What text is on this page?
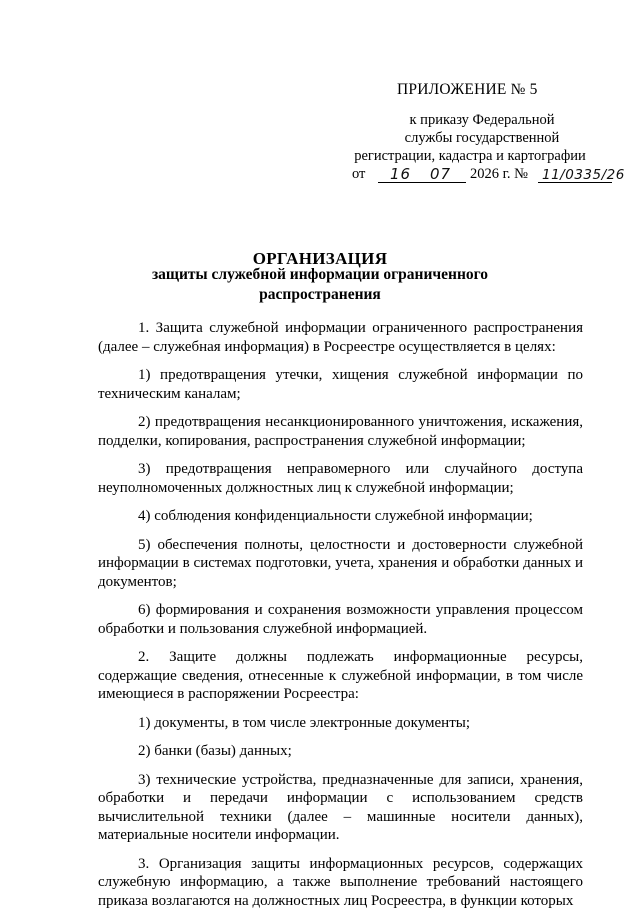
ПРИЛОЖЕНИЕ № 5
к приказу Федеральной
службы государственной
регистрации, кадастра и картографии
от 16 07 2026 г. № 11/0335/26
ОРГАНИЗАЦИЯ
защиты служебной информации ограниченного
распространения

1. Защита служебной информации ограниченного распространения (далее – служебная информация) в Росреестре осуществляется в целях:

1) предотвращения утечки, хищения служебной информации по техническим каналам;

2) предотвращения несанкционированного уничтожения, искажения, подделки, копирования, распространения служебной информации;

3) предотвращения неправомерного или случайного доступа неуполномоченных должностных лиц к служебной информации;

4) соблюдения конфиденциальности служебной информации;

5) обеспечения полноты, целостности и достоверности служебной информации в системах подготовки, учета, хранения и обработки данных и документов;

6) формирования и сохранения возможности управления процессом обработки и пользования служебной информацией.

2. Защите должны подлежать информационные ресурсы, содержащие сведения, отнесенные к служебной информации, в том числе имеющиеся в распоряжении Росреестра:

1) документы, в том числе электронные документы;

2) банки (базы) данных;

3) технические устройства, предназначенные для записи, хранения, обработки и передачи информации с использованием средств вычислительной техники (далее – машинные носители данных), материальные носители информации.

3. Организация защиты информационных ресурсов, содержащих служебную информацию, а также выполнение требований настоящего приказа возлагаются на должностных лиц Росреестра, в функции которых
